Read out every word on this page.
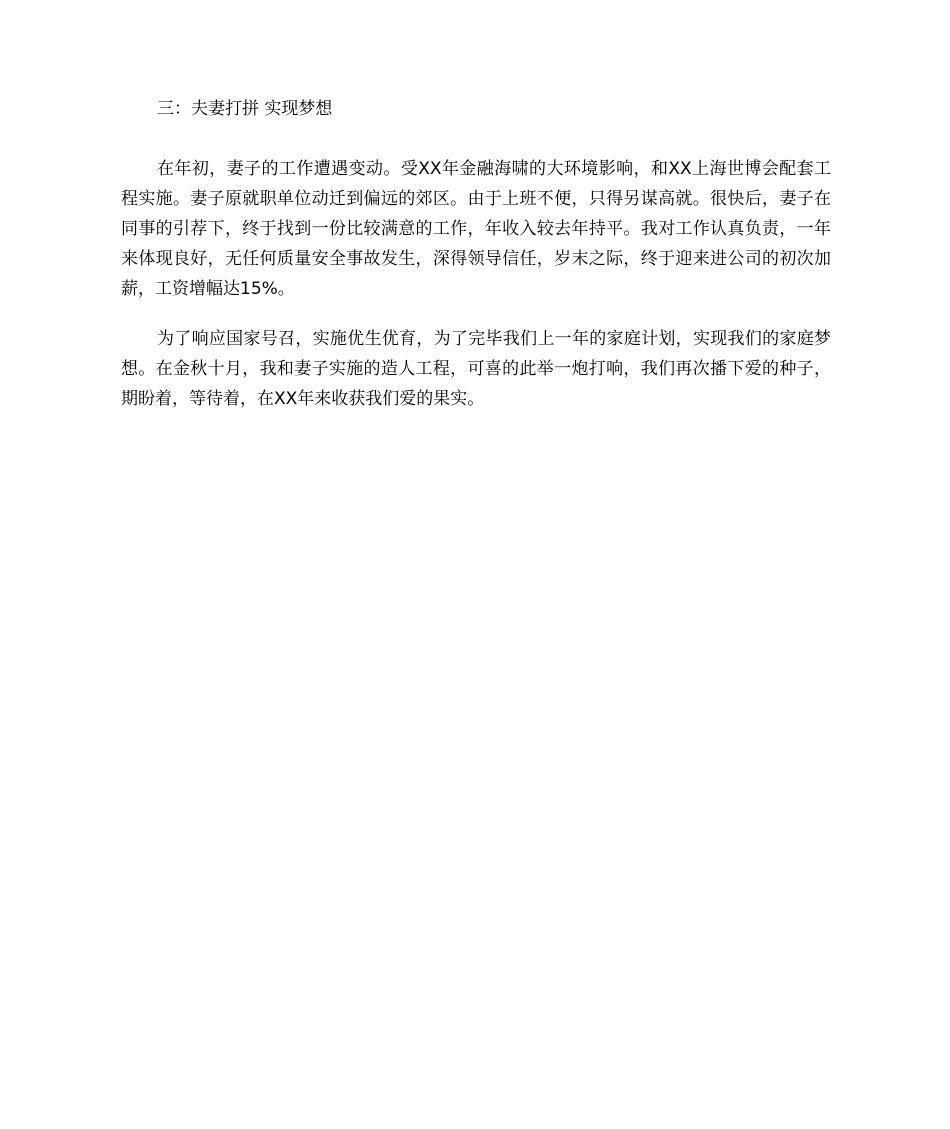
三：夫妻打拼 实现梦想

在年初，妻子的工作遭遇变动。受XX年金融海啸的大环境影响，和XX上海世博会配套工程实施。妻子原就职单位动迁到偏远的郊区。由于上班不便，只得另谋高就。很快后，妻子在同事的引荐下，终于找到一份比较满意的工作，年收入较去年持平。我对工作认真负责，一年来体现良好，无任何质量安全事故发生，深得领导信任，岁末之际，终于迎来进公司的初次加薪，工资增幅达15%。

为了响应国家号召，实施优生优育，为了完毕我们上一年的家庭计划，实现我们的家庭梦想。在金秋十月，我和妻子实施的造人工程，可喜的此举一炮打响，我们再次播下爱的种子，期盼着，等待着，在XX年来收获我们爱的果实。
